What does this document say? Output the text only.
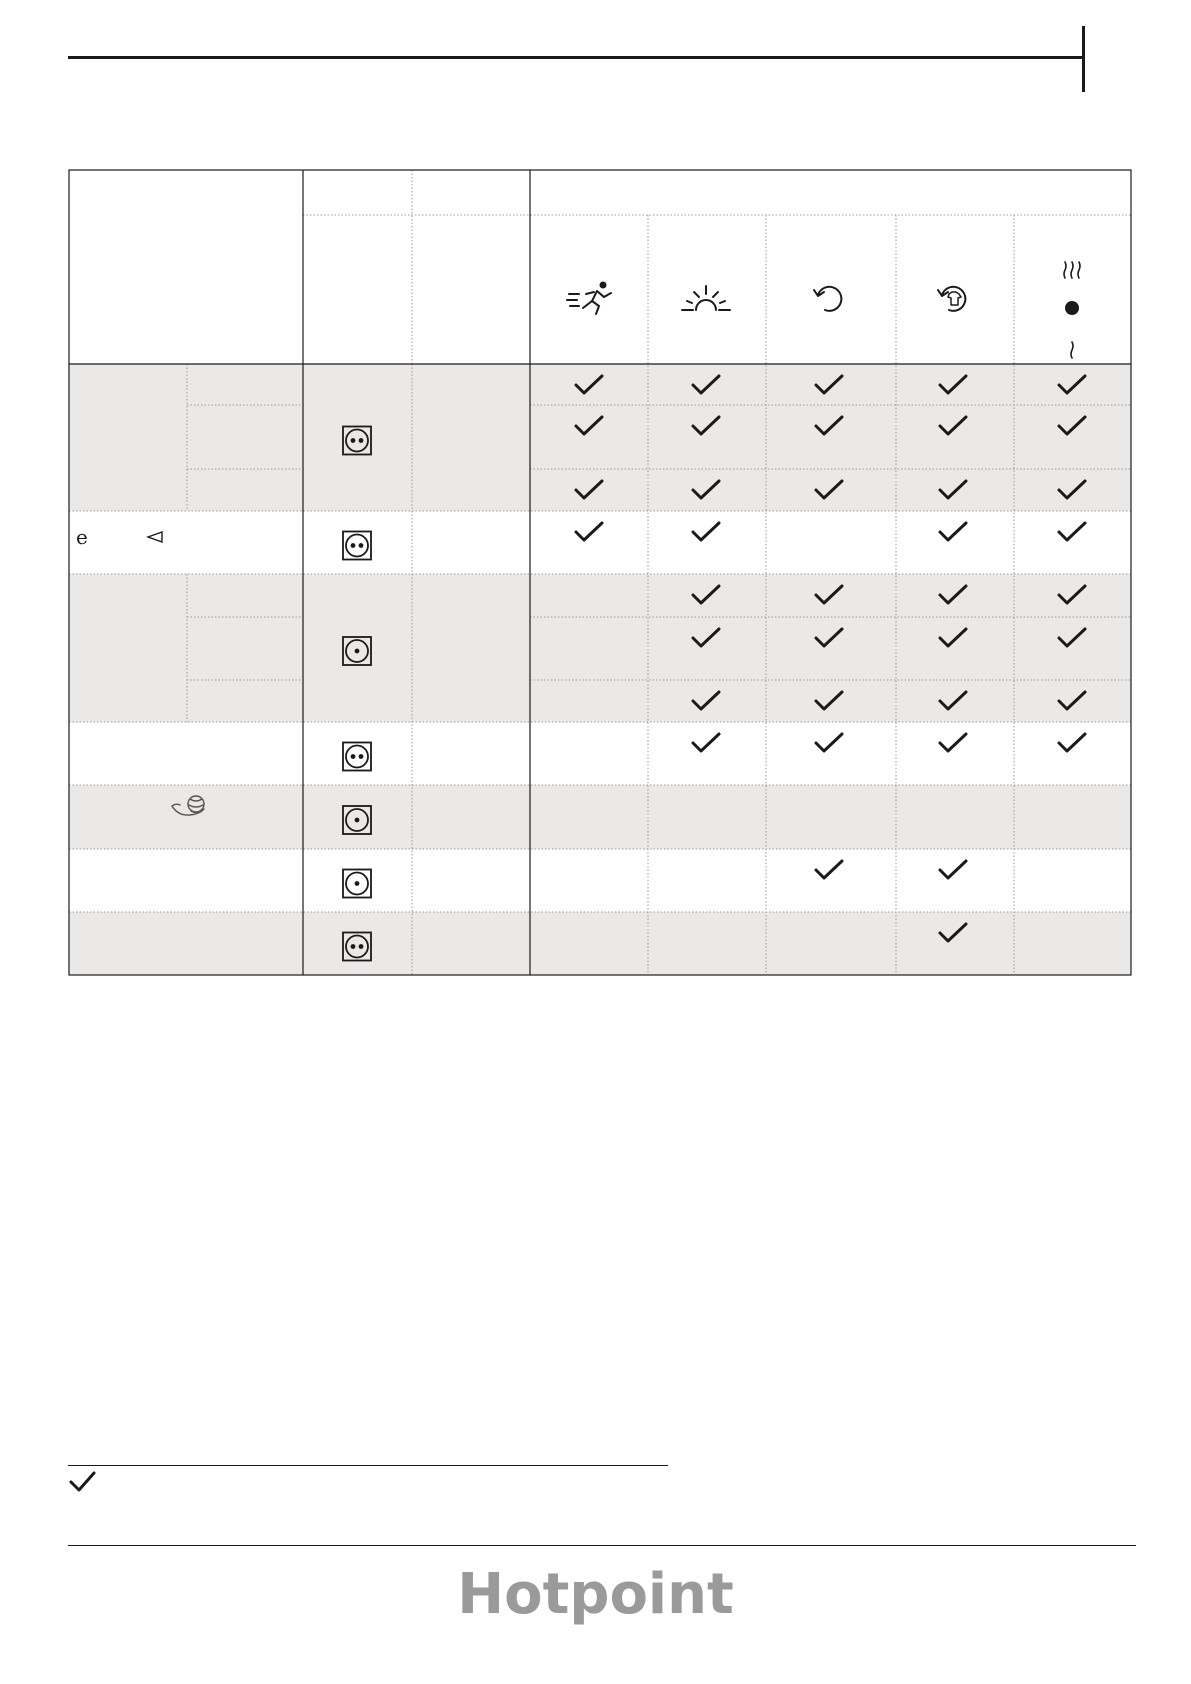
e
Hotpoint
